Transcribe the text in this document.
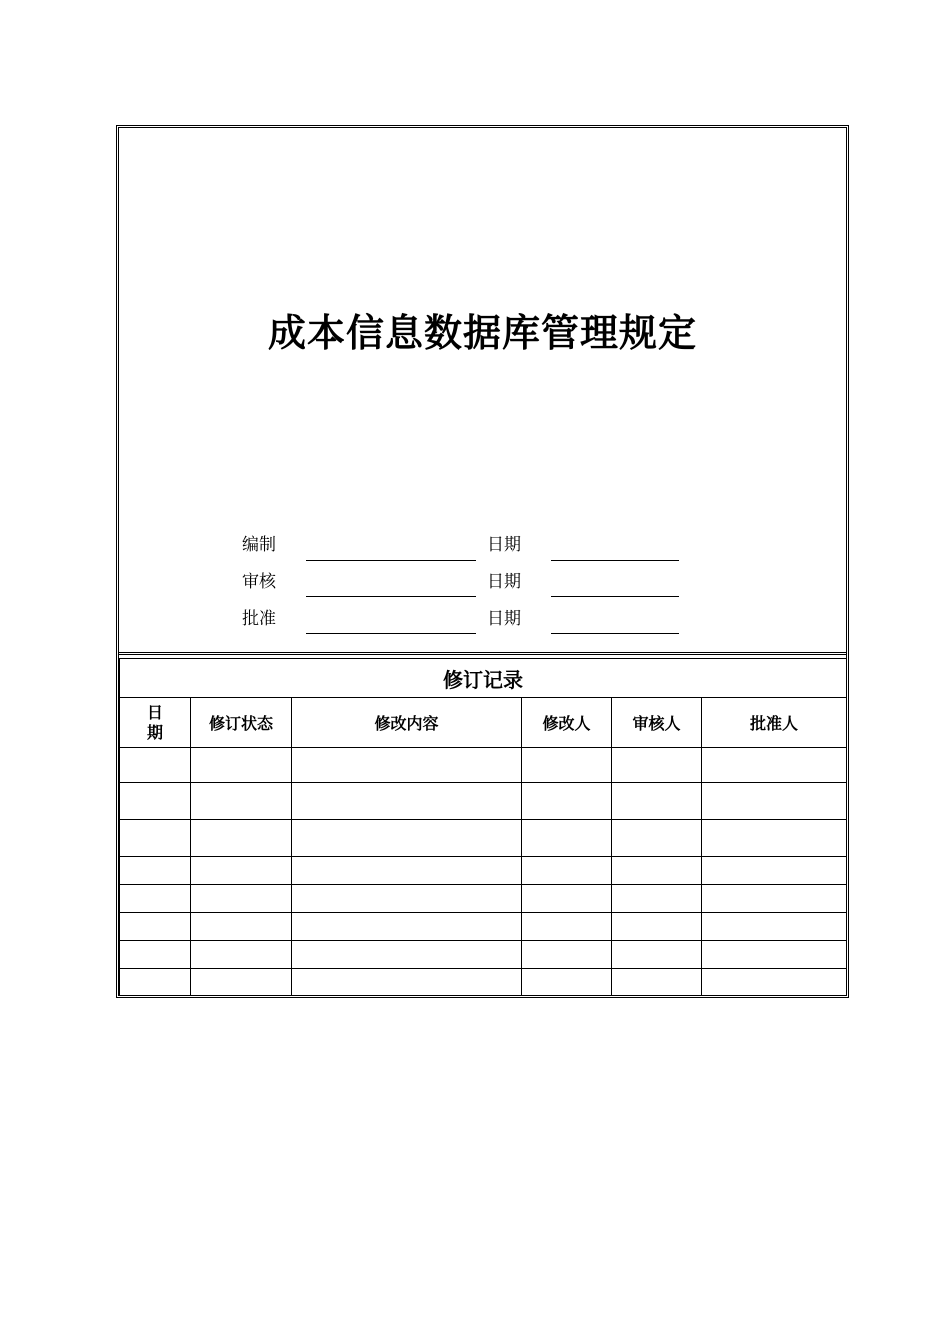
成本信息数据库管理规定
编制	日期
审核	日期
批准	日期
修订记录					
日期	修订状态	修改内容	修改人	审核人	批准人
